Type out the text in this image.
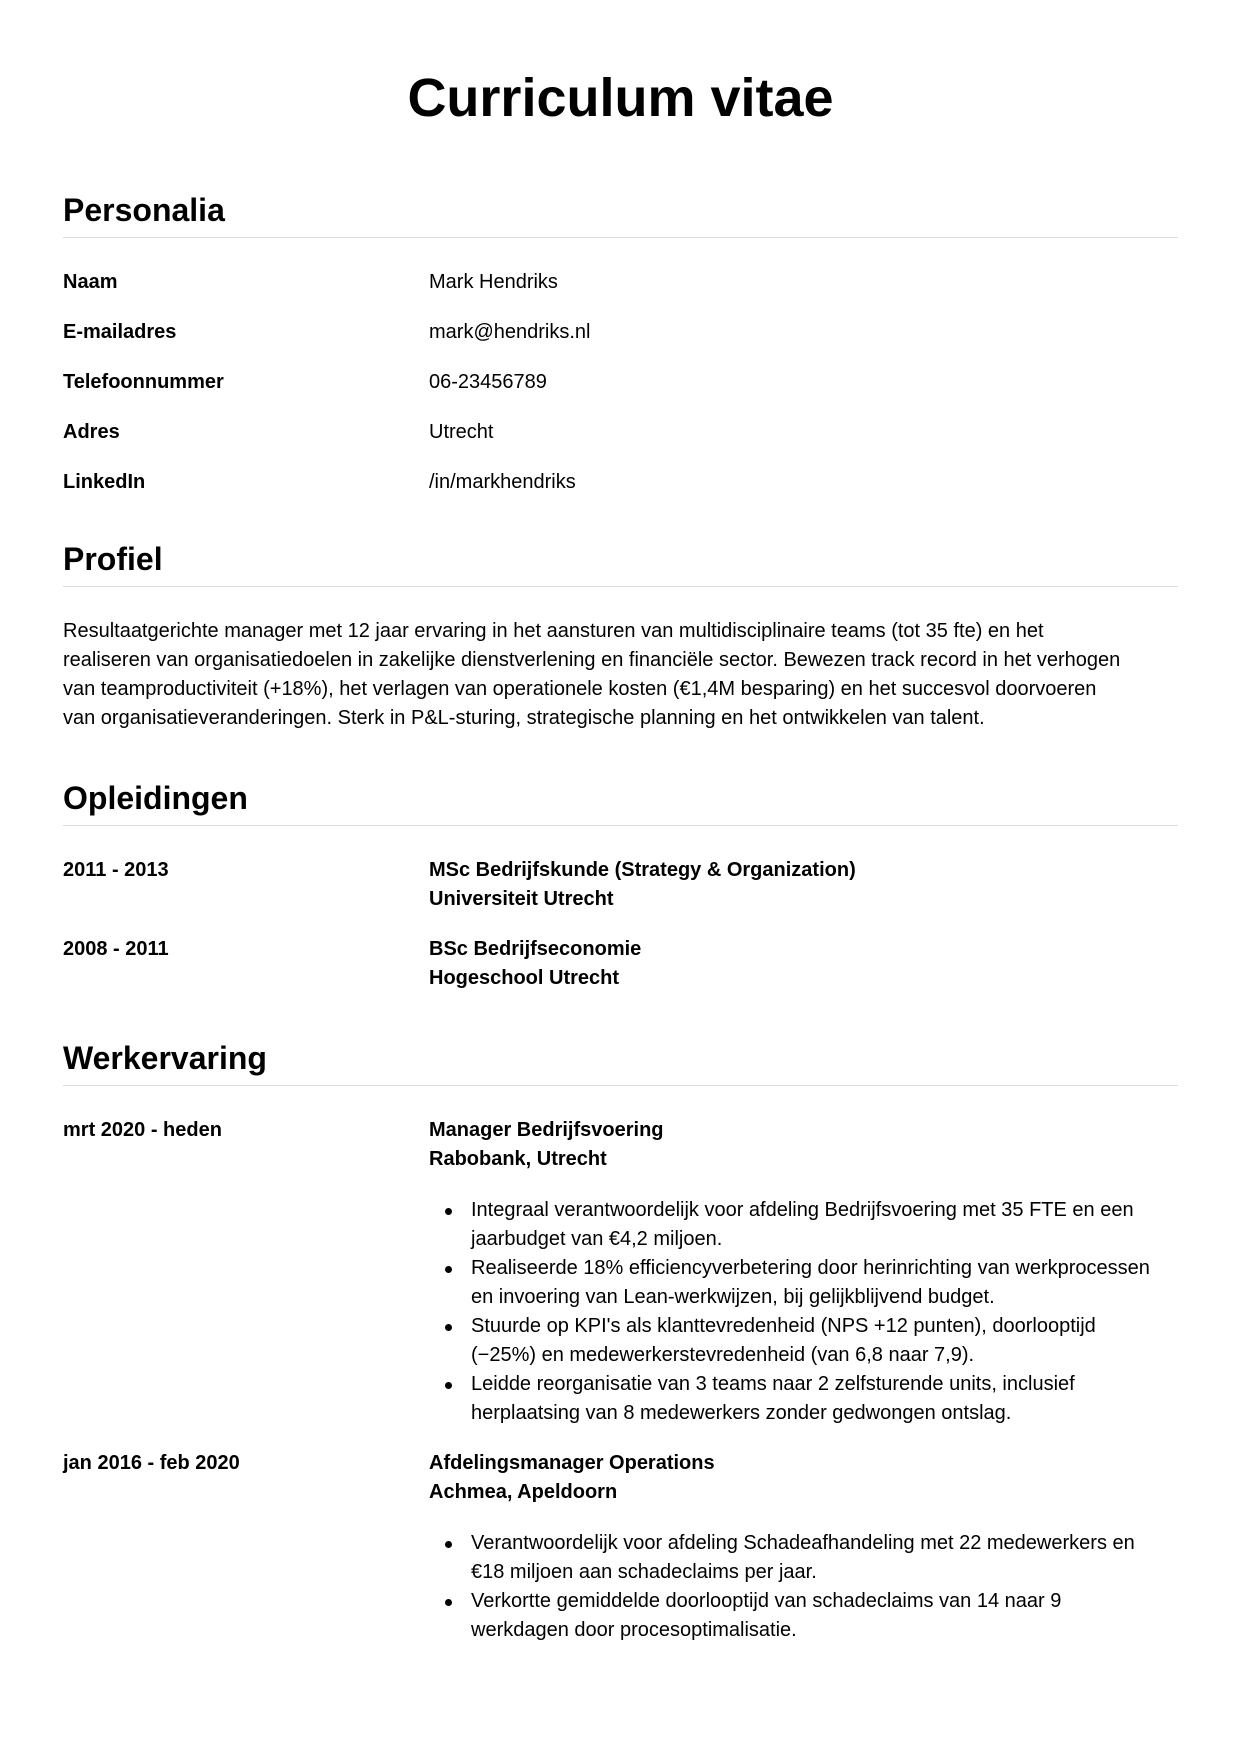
Curriculum vitae
Personalia
Naam	Mark Hendriks
E-mailadres	mark@hendriks.nl
Telefoonnummer	06-23456789
Adres	Utrecht
LinkedIn	/in/markhendriks
Profiel

Resultaatgerichte manager met 12 jaar ervaring in het aansturen van multidisciplinaire teams (tot 35 fte) en het
realiseren van organisatiedoelen in zakelijke dienstverlening en financiële sector. Bewezen track record in het verhogen
van teamproductiviteit (+18%), het verlagen van operationele kosten (€1,4M besparing) en het succesvol doorvoeren
van organisatieveranderingen. Sterk in P&L-sturing, strategische planning en het ontwikkelen van talent.

Opleidingen
2011 - 2013	MSc Bedrijfskunde (Strategy & Organization)
Universiteit Utrecht
2008 - 2011	BSc Bedrijfseconomie
Hogeschool Utrecht
Werkervaring
mrt 2020 - heden	Manager Bedrijfsvoering
Rabobank, Utrecht
Integraal verantwoordelijk voor afdeling Bedrijfsvoering met 35 FTE en een
jaarbudget van €4,2 miljoen.
Realiseerde 18% efficiencyverbetering door herinrichting van werkprocessen
en invoering van Lean-werkwijzen, bij gelijkblijvend budget.
Stuurde op KPI's als klanttevredenheid (NPS +12 punten), doorlooptijd
(−25%) en medewerkerstevredenheid (van 6,8 naar 7,9).
Leidde reorganisatie van 3 teams naar 2 zelfsturende units, inclusief
herplaatsing van 8 medewerkers zonder gedwongen ontslag.
jan 2016 - feb 2020	Afdelingsmanager Operations
Achmea, Apeldoorn
Verantwoordelijk voor afdeling Schadeafhandeling met 22 medewerkers en
€18 miljoen aan schadeclaims per jaar.
Verkortte gemiddelde doorlooptijd van schadeclaims van 14 naar 9
werkdagen door procesoptimalisatie.
